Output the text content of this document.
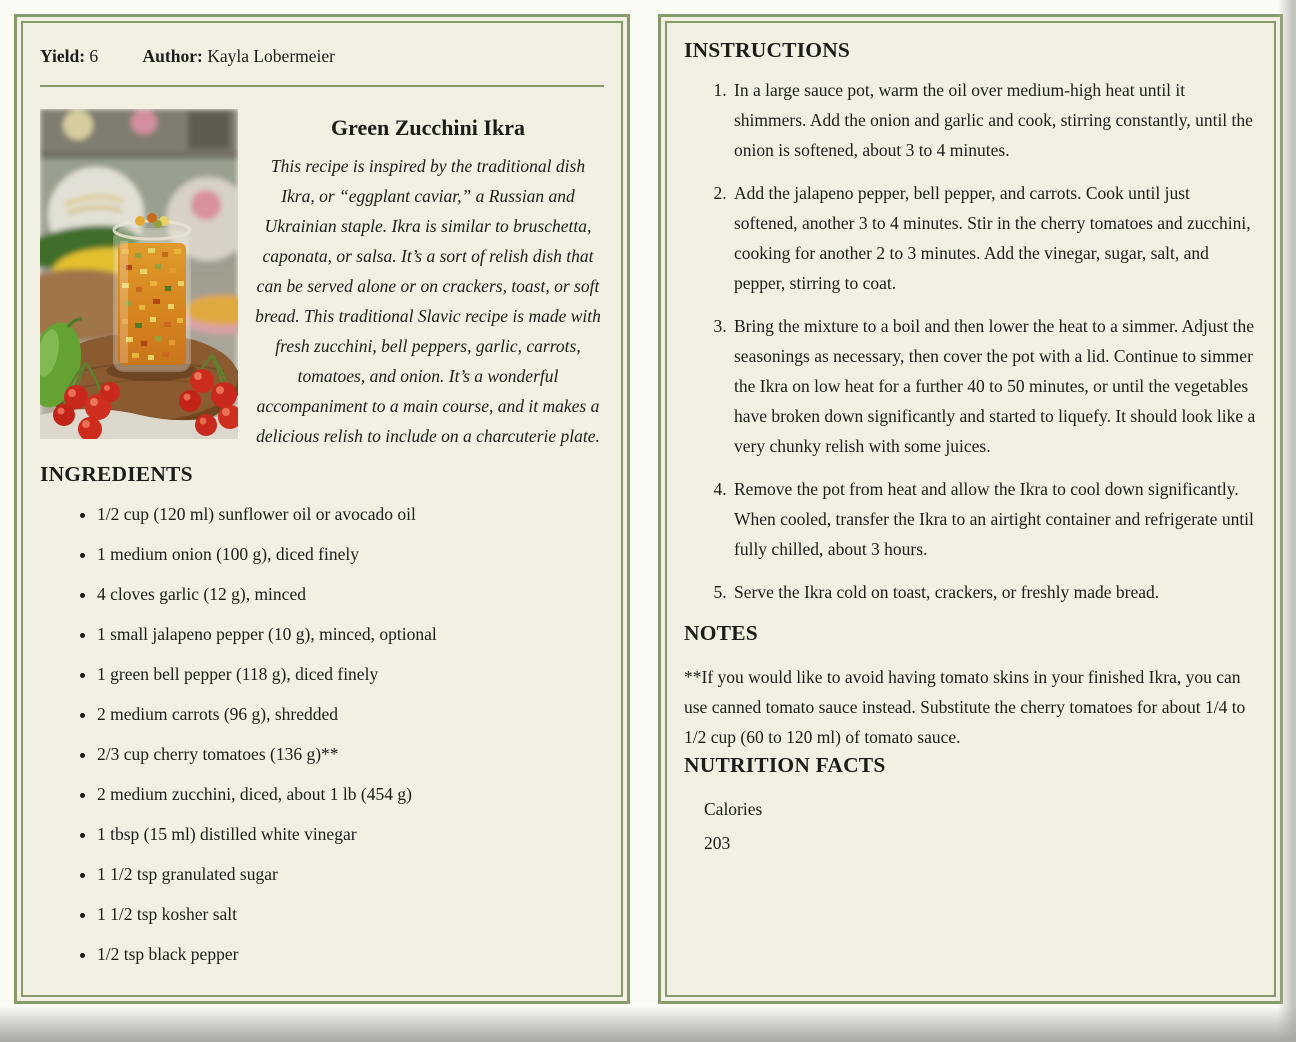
Yield: 6	Author: Kayla Lobermeier
Green Zucchini Ikra

This recipe is inspired by the traditional dish Ikra, or “eggplant caviar,” a Russian and Ukrainian staple. Ikra is similar to bruschetta, caponata, or salsa. It’s a sort of relish dish that can be served alone or on crackers, toast, or soft bread. This traditional Slavic recipe is made with fresh zucchini, bell peppers, garlic, carrots, tomatoes, and onion. It’s a wonderful accompaniment to a main course, and it makes a delicious relish to include on a charcuterie plate.

INGREDIENTS
• 1/2 cup (120 ml) sunflower oil or avocado oil
• 1 medium onion (100 g), diced finely
• 4 cloves garlic (12 g), minced
• 1 small jalapeno pepper (10 g), minced, optional
• 1 green bell pepper (118 g), diced finely
• 2 medium carrots (96 g), shredded
• 2/3 cup cherry tomatoes (136 g)**
• 2 medium zucchini, diced, about 1 lb (454 g)
• 1 tbsp (15 ml) distilled white vinegar
• 1 1/2 tsp granulated sugar
• 1 1/2 tsp kosher salt
• 1/2 tsp black pepper
INSTRUCTIONS
1. In a large sauce pot, warm the oil over medium-high heat until it shimmers. Add the onion and garlic and cook, stirring constantly, until the onion is softened, about 3 to 4 minutes.
2. Add the jalapeno pepper, bell pepper, and carrots. Cook until just softened, another 3 to 4 minutes. Stir in the cherry tomatoes and zucchini, cooking for another 2 to 3 minutes. Add the vinegar, sugar, salt, and pepper, stirring to coat.
3. Bring the mixture to a boil and then lower the heat to a simmer. Adjust the seasonings as necessary, then cover the pot with a lid. Continue to simmer the Ikra on low heat for a further 40 to 50 minutes, or until the vegetables have broken down significantly and started to liquefy. It should look like a very chunky relish with some juices.
4. Remove the pot from heat and allow the Ikra to cool down significantly. When cooled, transfer the Ikra to an airtight container and refrigerate until fully chilled, about 3 hours.
5. Serve the Ikra cold on toast, crackers, or freshly made bread.
NOTES

**If you would like to avoid having tomato skins in your finished Ikra, you can use canned tomato sauce instead. Substitute the cherry tomatoes for about 1/4 to 1/2 cup (60 to 120 ml) of tomato sauce.

NUTRITION FACTS
Calories
203
